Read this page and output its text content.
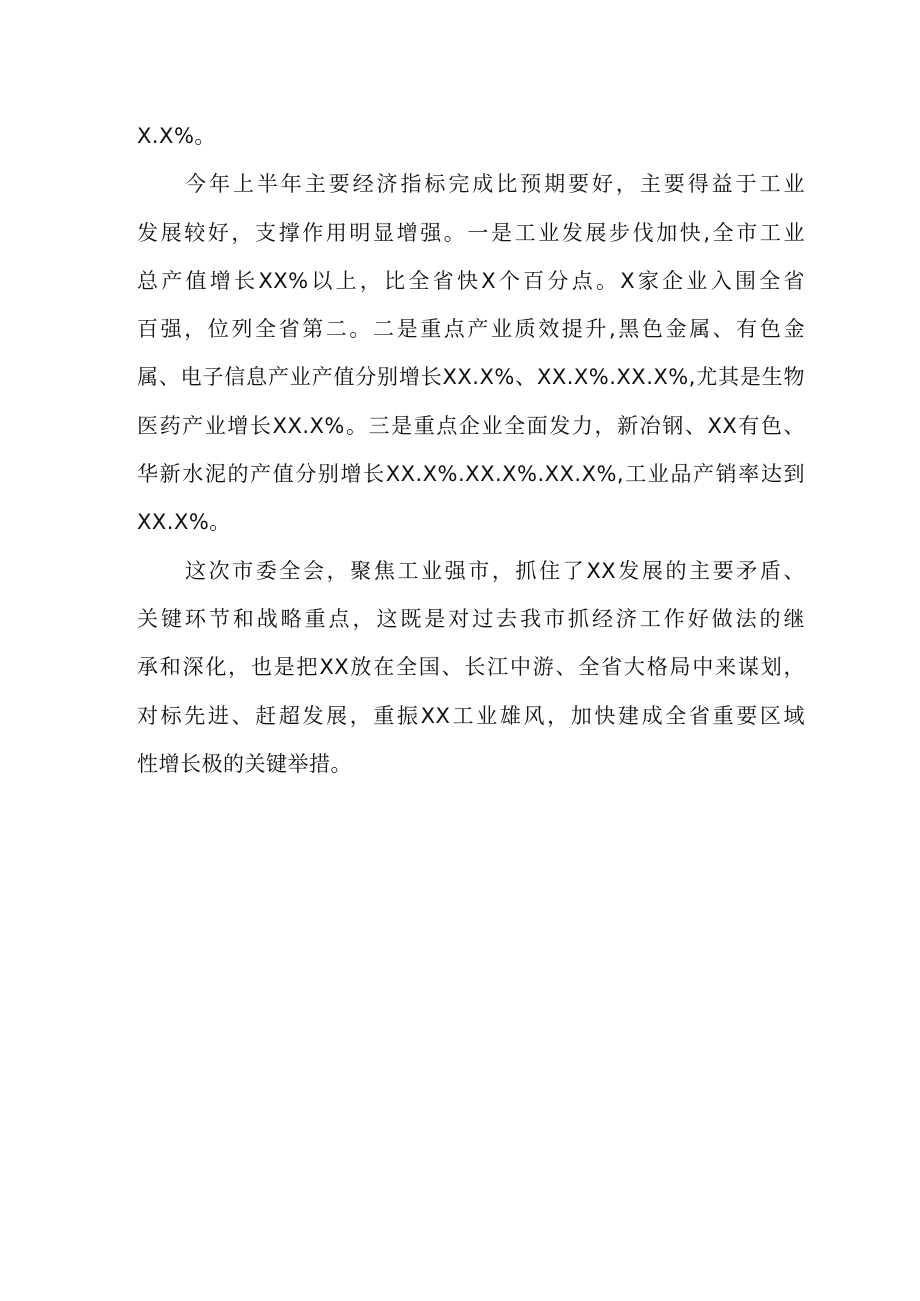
X.X%。
今年上半年主要经济指标完成比预期要好，主要得益于工业
发展较好，支撑作用明显增强。一是工业发展步伐加快,全市工业
总产值增长XX%以上，比全省快X个百分点。X家企业入围全省
百强，位列全省第二。二是重点产业质效提升,黑色金属、有色金
属、电子信息产业产值分别增长XX.X%、XX.X%.XX.X%,尤其是生物
医药产业增长XX.X%。三是重点企业全面发力，新冶钢、XX有色、
华新水泥的产值分别增长XX.X%.XX.X%.XX.X%,工业品产销率达到
XX.X%。
这次市委全会，聚焦工业强市，抓住了XX发展的主要矛盾、
关键环节和战略重点，这既是对过去我市抓经济工作好做法的继
承和深化，也是把XX放在全国、长江中游、全省大格局中来谋划，
对标先进、赶超发展，重振XX工业雄风，加快建成全省重要区域
性增长极的关键举措。
